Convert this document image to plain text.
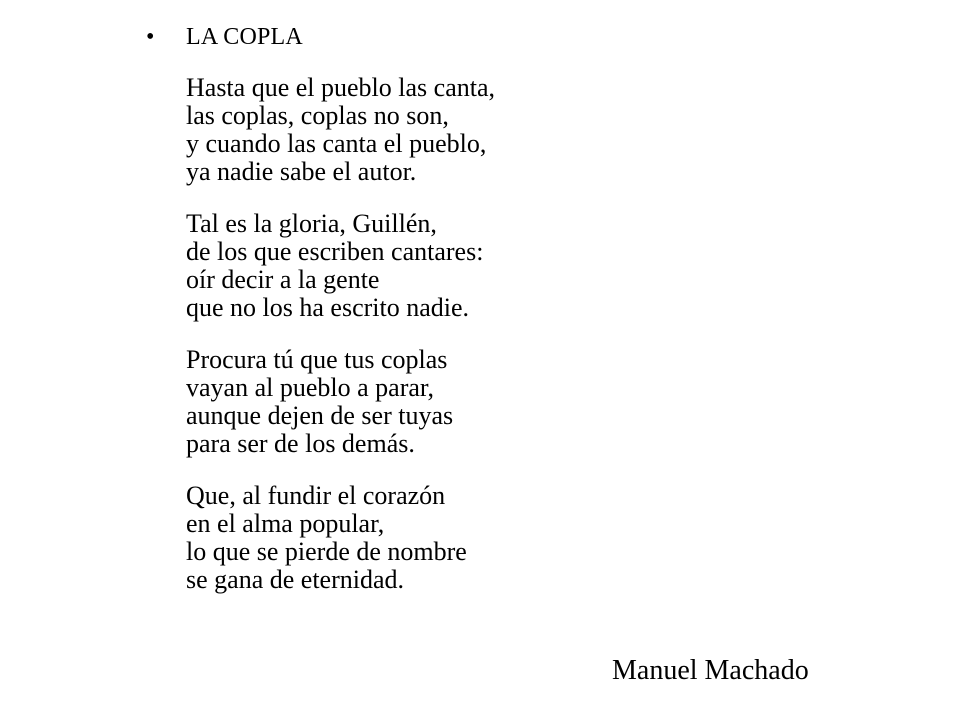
• LA COPLA
Hasta que el pueblo las canta,
las coplas, coplas no son,
y cuando las canta el pueblo,
ya nadie sabe el autor.
Tal es la gloria, Guillén,
de los que escriben cantares:
oír decir a la gente
que no los ha escrito nadie.
Procura tú que tus coplas
vayan al pueblo a parar,
aunque dejen de ser tuyas
para ser de los demás.
Que, al fundir el corazón
en el alma popular,
lo que se pierde de nombre
se gana de eternidad.
Manuel Machado
